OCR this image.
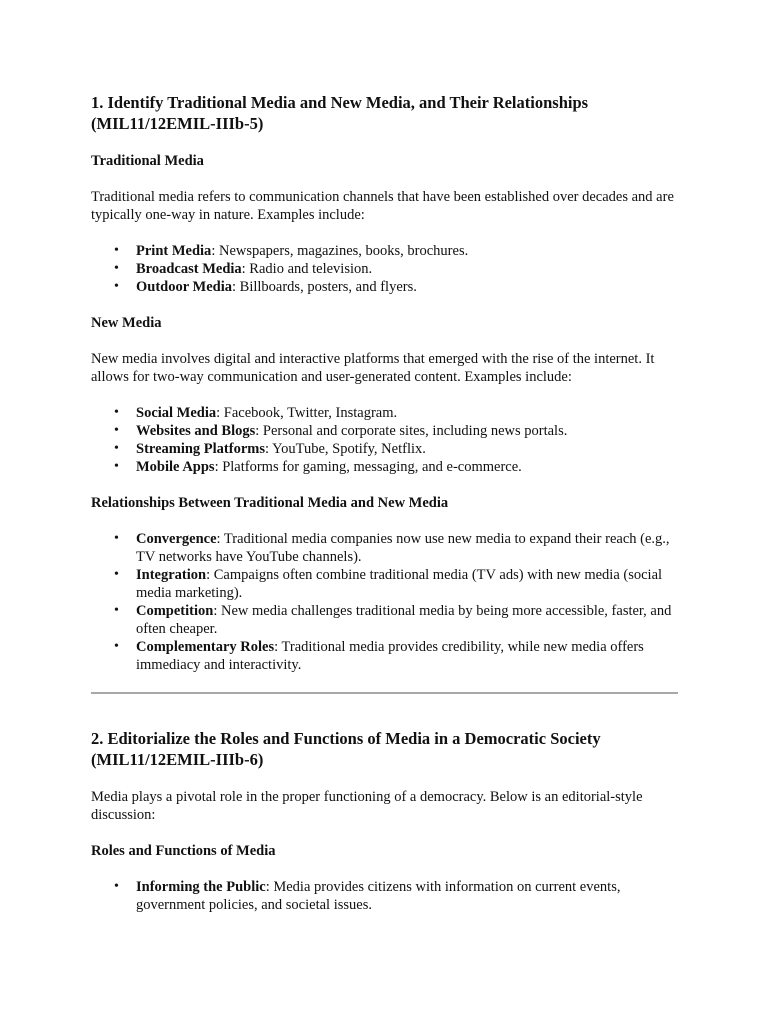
1. Identify Traditional Media and New Media, and Their Relationships
(MIL11/12EMIL-IIIb-5)
Traditional Media

Traditional media refers to communication channels that have been established over decades and are typically one-way in nature. Examples include:

• Print Media: Newspapers, magazines, books, brochures.
• Broadcast Media: Radio and television.
• Outdoor Media: Billboards, posters, and flyers.
New Media

New media involves digital and interactive platforms that emerged with the rise of the internet. It allows for two-way communication and user-generated content. Examples include:

• Social Media: Facebook, Twitter, Instagram.
• Websites and Blogs: Personal and corporate sites, including news portals.
• Streaming Platforms: YouTube, Spotify, Netflix.
• Mobile Apps: Platforms for gaming, messaging, and e-commerce.
Relationships Between Traditional Media and New Media
• Convergence: Traditional media companies now use new media to expand their reach (e.g., TV networks have YouTube channels).
• Integration: Campaigns often combine traditional media (TV ads) with new media (social media marketing).
• Competition: New media challenges traditional media by being more accessible, faster, and often cheaper.
• Complementary Roles: Traditional media provides credibility, while new media offers immediacy and interactivity.
2. Editorialize the Roles and Functions of Media in a Democratic Society
(MIL11/12EMIL-IIIb-6)

Media plays a pivotal role in the proper functioning of a democracy. Below is an editorial-style discussion:

Roles and Functions of Media
• Informing the Public: Media provides citizens with information on current events, government policies, and societal issues.
